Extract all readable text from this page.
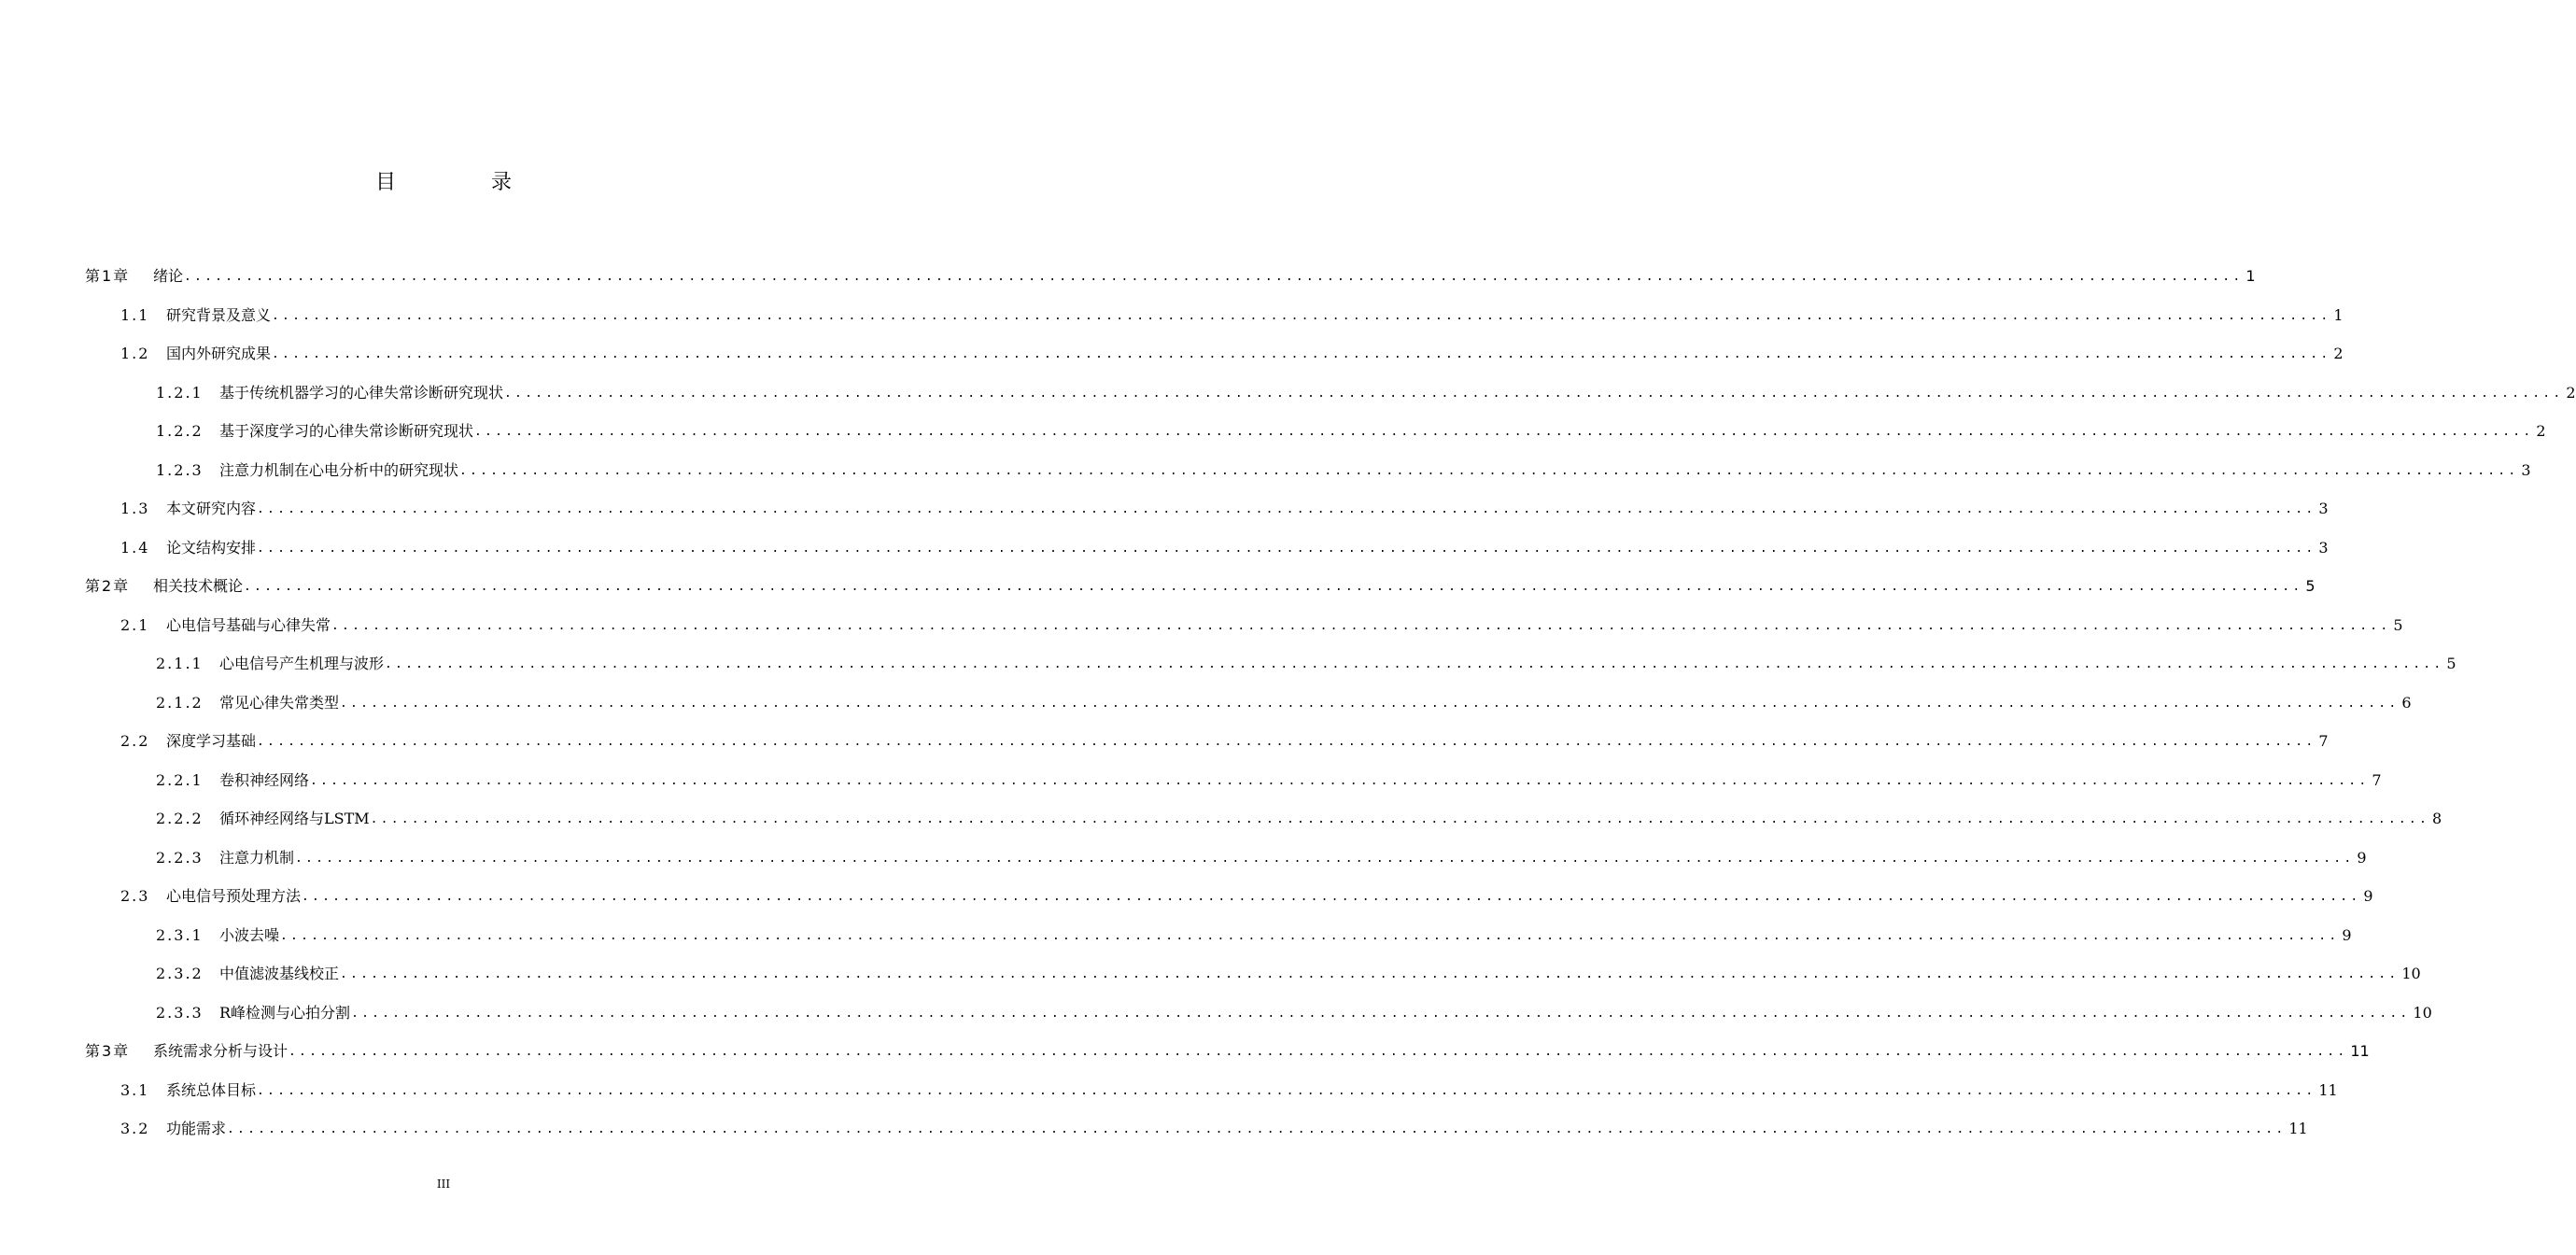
目　录
第1章	绪论 ........................................................................................................................................................................................................ 1
1.1	研究背景及意义 ........................................................................................................................................................................................................ 1
1.2	国内外研究成果 ........................................................................................................................................................................................................ 2
1.2.1	基于传统机器学习的心律失常诊断研究现状 ........................................................................................................................................................................................................ 2
1.2.2	基于深度学习的心律失常诊断研究现状 ........................................................................................................................................................................................................ 2
1.2.3	注意力机制在心电分析中的研究现状 ........................................................................................................................................................................................................ 3
1.3	本文研究内容 ........................................................................................................................................................................................................ 3
1.4	论文结构安排 ........................................................................................................................................................................................................ 3
第2章	相关技术概论 ........................................................................................................................................................................................................ 5
2.1	心电信号基础与心律失常 ........................................................................................................................................................................................................ 5
2.1.1	心电信号产生机理与波形 ........................................................................................................................................................................................................ 5
2.1.2	常见心律失常类型 ........................................................................................................................................................................................................ 6
2.2	深度学习基础 ........................................................................................................................................................................................................ 7
2.2.1	卷积神经网络 ........................................................................................................................................................................................................ 7
2.2.2	循环神经网络与LSTM ........................................................................................................................................................................................................ 8
2.2.3	注意力机制 ........................................................................................................................................................................................................ 9
2.3	心电信号预处理方法 ........................................................................................................................................................................................................ 9
2.3.1	小波去噪 ........................................................................................................................................................................................................ 9
2.3.2	中值滤波基线校正 ........................................................................................................................................................................................................ 10
2.3.3	R峰检测与心拍分割 ........................................................................................................................................................................................................ 10
第3章	系统需求分析与设计 ........................................................................................................................................................................................................ 11
3.1	系统总体目标 ........................................................................................................................................................................................................ 11
3.2	功能需求 ........................................................................................................................................................................................................ 11
III
